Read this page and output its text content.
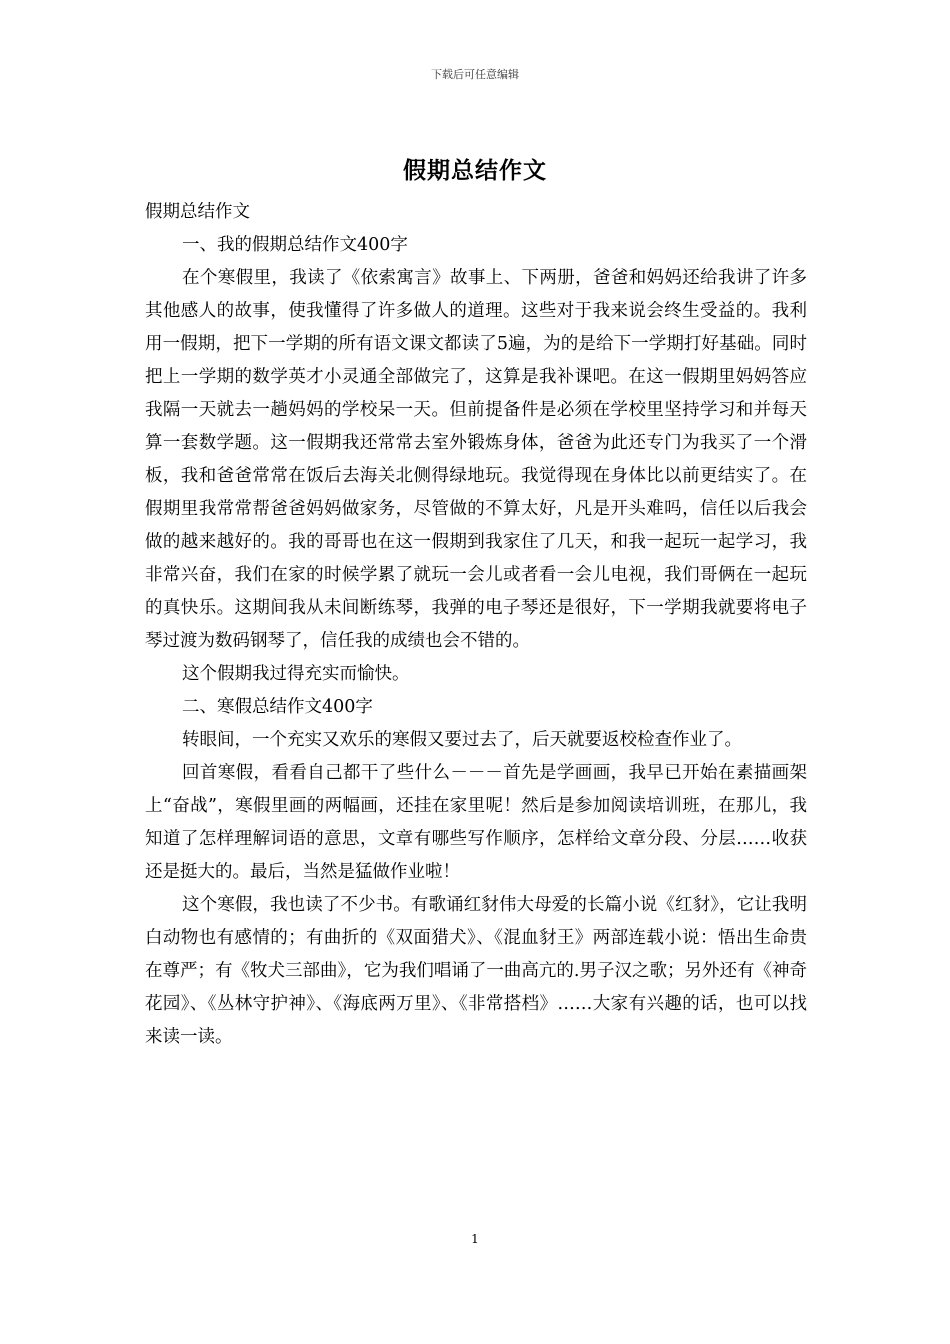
下载后可任意编辑
假期总结作文

假期总结作文

一、我的假期总结作文400字

在个寒假里，我读了《依索寓言》故事上、下两册，爸爸和妈妈还给我讲了许多其他感人的故事，使我懂得了许多做人的道理。这些对于我来说会终生受益的。我利用一假期，把下一学期的所有语文课文都读了5遍，为的是给下一学期打好基础。同时把上一学期的数学英才小灵通全部做完了，这算是我补课吧。在这一假期里妈妈答应我隔一天就去一趟妈妈的学校呆一天。但前提备件是必须在学校里坚持学习和并每天算一套数学题。这一假期我还常常去室外锻炼身体，爸爸为此还专门为我买了一个滑板，我和爸爸常常在饭后去海关北侧得绿地玩。我觉得现在身体比以前更结实了。在假期里我常常帮爸爸妈妈做家务，尽管做的不算太好，凡是开头难吗，信任以后我会做的越来越好的。我的哥哥也在这一假期到我家住了几天，和我一起玩一起学习，我非常兴奋，我们在家的时候学累了就玩一会儿或者看一会儿电视，我们哥俩在一起玩的真快乐。这期间我从未间断练琴，我弹的电子琴还是很好，下一学期我就要将电子琴过渡为数码钢琴了，信任我的成绩也会不错的。

这个假期我过得充实而愉快。

二、寒假总结作文400字

转眼间，一个充实又欢乐的寒假又要过去了，后天就要返校检查作业了。

回首寒假，看看自己都干了些什么－－－首先是学画画，我早已开始在素描画架上“奋战”，寒假里画的两幅画，还挂在家里呢！然后是参加阅读培训班，在那儿，我知道了怎样理解词语的意思，文章有哪些写作顺序，怎样给文章分段、分层……收获还是挺大的。最后，当然是猛做作业啦！

这个寒假，我也读了不少书。有歌诵红豺伟大母爱的长篇小说《红豺》，它让我明白动物也有感情的；有曲折的《双面猎犬》、《混血豺王》两部连载小说：悟出生命贵在尊严；有《牧犬三部曲》，它为我们唱诵了一曲高亢的.男子汉之歌；另外还有《神奇花园》、《丛林守护神》、《海底两万里》、《非常搭档》……大家有兴趣的话，也可以找来读一读。

1
